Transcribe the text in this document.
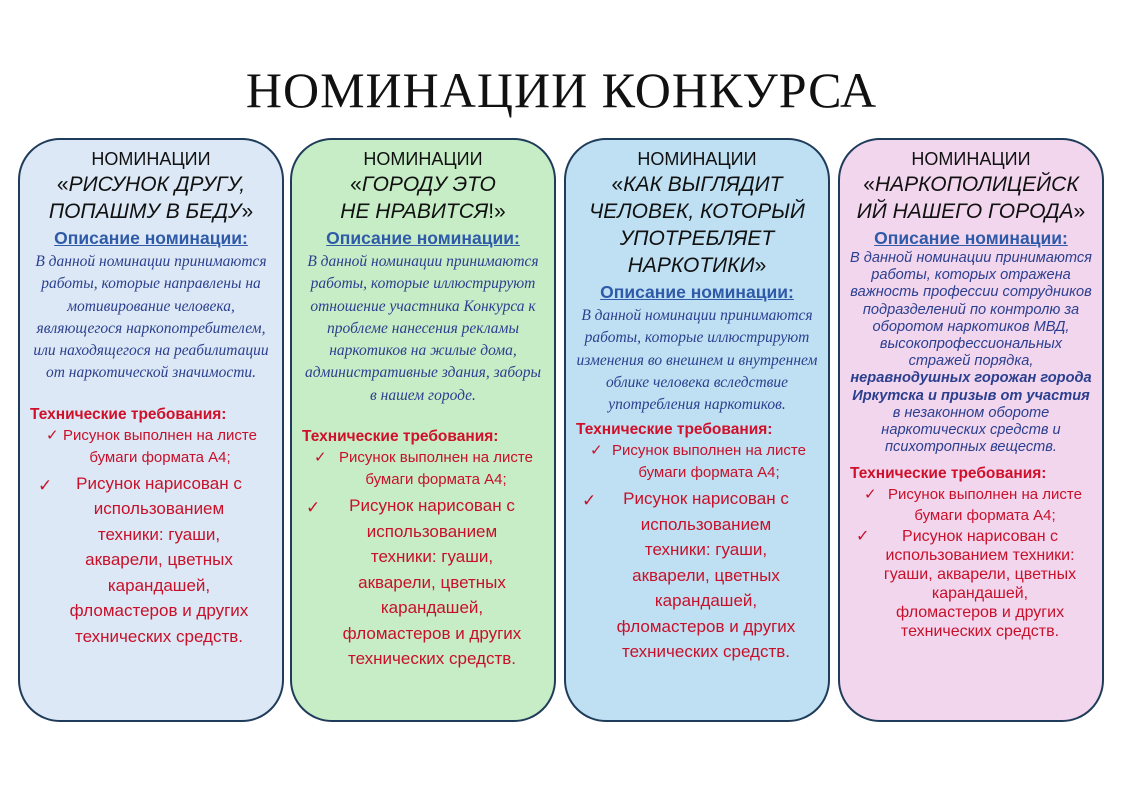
НОМИНАЦИИ КОНКУРСА
НОМИНАЦИИ
«РИСУНОК ДРУГУ,
ПОПАШМУ В БЕДУ»
Описание номинации:
В данной номинации принимаются работы, которые направлены на мотивирование человека, являющегося наркопотребителем, или находящегося на реабилитации от наркотической значимости.
Технические требования:
✓ Рисунок выполнен на листе бумаги формата А4;
✓	Рисунок нарисован с использованием техники: гуаши, акварели, цветных карандашей, фломастеров и других технических средств.
НОМИНАЦИИ
«ГОРОДУ ЭТО
НЕ НРАВИТСЯ!»
Описание номинации:
В данной номинации принимаются работы, которые иллюстрируют отношение участника Конкурса к проблеме нанесения рекламы наркотиков на жилые дома, административные здания, заборы в нашем городе.
Технические требования:
✓ Рисунок выполнен на листе бумаги формата А4;
✓	Рисунок нарисован с использованием техники: гуаши, акварели, цветных карандашей, фломастеров и других технических средств.
НОМИНАЦИИ
«КАК ВЫГЛЯДИТ
ЧЕЛОВЕК, КОТОРЫЙ
УПОТРЕБЛЯЕТ
НАРКОТИКИ»
Описание номинации:
В данной номинации принимаются работы, которые иллюстрируют изменения во внешнем и внутреннем облике человека вследствие употребления наркотиков.
Технические требования:
✓ Рисунок выполнен на листе бумаги формата А4;
✓	Рисунок нарисован с использованием техники: гуаши, акварели, цветных карандашей, фломастеров и других технических средств.
НОМИНАЦИИ
«НАРКОПОЛИЦЕЙСК
ИЙ НАШЕГО ГОРОДА»
Описание номинации:
В данной номинации принимаются работы, которых отражена важность профессии сотрудников подразделений по контролю за оборотом наркотиков МВД, высокопрофессиональных стражей порядка, неравнодушных горожан города Иркутска и призыв от участия в незаконном обороте наркотических средств и психотропных веществ.
Технические требования:
✓ Рисунок выполнен на листе бумаги формата А4;
✓	Рисунок нарисован с использованием техники: гуаши, акварели, цветных карандашей, фломастеров и других технических средств.
